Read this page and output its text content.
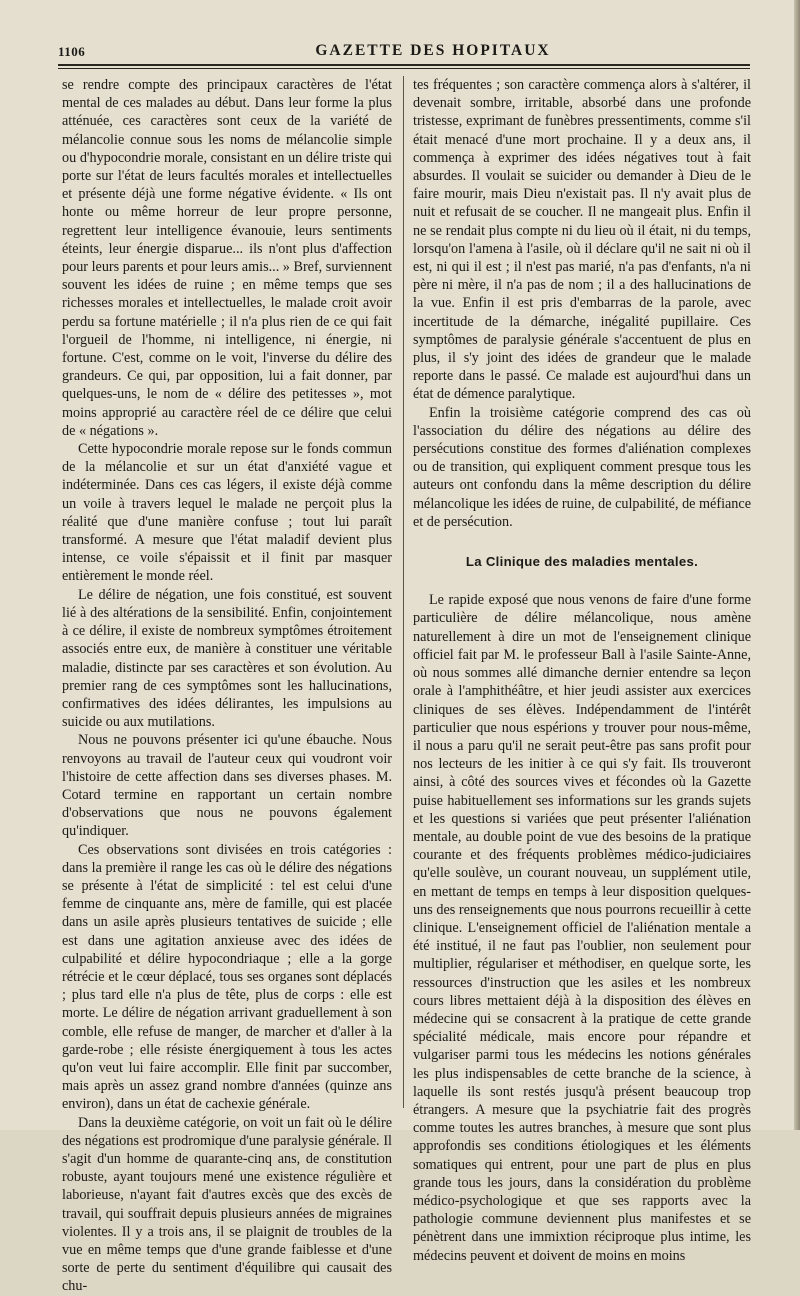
1106	GAZETTE DES HOPITAUX

se rendre compte des principaux caractères de l'état mental de ces malades au début. Dans leur forme la plus atténuée, ces caractères sont ceux de la variété de mélancolie connue sous les noms de mélancolie simple ou d'hypocondrie morale, consistant en un délire triste qui porte sur l'état de leurs facultés morales et intellectuelles et présente déjà une forme négative évidente. « Ils ont honte ou même horreur de leur propre personne, regrettent leur intelligence évanouie, leurs sentiments éteints, leur énergie disparue... ils n'ont plus d'affection pour leurs parents et pour leurs amis... » Bref, surviennent souvent les idées de ruine ; en même temps que ses richesses morales et intellectuelles, le malade croit avoir perdu sa fortune matérielle ; il n'a plus rien de ce qui fait l'orgueil de l'homme, ni intelligence, ni énergie, ni fortune. C'est, comme on le voit, l'inverse du délire des grandeurs. Ce qui, par opposition, lui a fait donner, par quelques-uns, le nom de « délire des petitesses », mot moins approprié au caractère réel de ce délire que celui de « négations ».

Cette hypocondrie morale repose sur le fonds commun de la mélancolie et sur un état d'anxiété vague et indéterminée. Dans ces cas légers, il existe déjà comme un voile à travers lequel le malade ne perçoit plus la réalité que d'une manière confuse ; tout lui paraît transformé. A mesure que l'état maladif devient plus intense, ce voile s'épaissit et il finit par masquer entièrement le monde réel.

Le délire de négation, une fois constitué, est souvent lié à des altérations de la sensibilité. Enfin, conjointement à ce délire, il existe de nombreux symptômes étroitement associés entre eux, de manière à constituer une véritable maladie, distincte par ses caractères et son évolution. Au premier rang de ces symptômes sont les hallucinations, confirmatives des idées délirantes, les impulsions au suicide ou aux mutilations.

Nous ne pouvons présenter ici qu'une ébauche. Nous renvoyons au travail de l'auteur ceux qui voudront voir l'histoire de cette affection dans ses diverses phases. M. Cotard termine en rapportant un certain nombre d'observations que nous ne pouvons également qu'indiquer.

Ces observations sont divisées en trois catégories : dans la première il range les cas où le délire des négations se présente à l'état de simplicité : tel est celui d'une femme de cinquante ans, mère de famille, qui est placée dans un asile après plusieurs tentatives de suicide ; elle est dans une agitation anxieuse avec des idées de culpabilité et délire hypocondriaque ; elle a la gorge rétrécie et le cœur déplacé, tous ses organes sont déplacés ; plus tard elle n'a plus de tête, plus de corps : elle est morte. Le délire de négation arrivant graduellement à son comble, elle refuse de manger, de marcher et d'aller à la garde-robe ; elle résiste énergiquement à tous les actes qu'on veut lui faire accomplir. Elle finit par succomber, mais après un assez grand nombre d'années (quinze ans environ), dans un état de cachexie générale.

Dans la deuxième catégorie, on voit un fait où le délire des négations est prodromique d'une paralysie générale. Il s'agit d'un homme de quarante-cinq ans, de constitution robuste, ayant toujours mené une existence régulière et laborieuse, n'ayant fait d'autres excès que des excès de travail, qui souffrait depuis plusieurs années de migraines violentes. Il y a trois ans, il se plaignit de troubles de la vue en même temps que d'une grande faiblesse et d'une sorte de perte du sentiment d'équilibre qui causait des chu-

tes fréquentes ; son caractère commença alors à s'altérer, il devenait sombre, irritable, absorbé dans une profonde tristesse, exprimant de funèbres pressentiments, comme s'il était menacé d'une mort prochaine. Il y a deux ans, il commença à exprimer des idées négatives tout à fait absurdes. Il voulait se suicider ou demander à Dieu de le faire mourir, mais Dieu n'existait pas. Il n'y avait plus de nuit et refusait de se coucher. Il ne mangeait plus. Enfin il ne se rendait plus compte ni du lieu où il était, ni du temps, lorsqu'on l'amena à l'asile, où il déclare qu'il ne sait ni où il est, ni qui il est ; il n'est pas marié, n'a pas d'enfants, n'a ni père ni mère, il n'a pas de nom ; il a des hallucinations de la vue. Enfin il est pris d'embarras de la parole, avec incertitude de la démarche, inégalité pupillaire. Ces symptômes de paralysie générale s'accentuent de plus en plus, il s'y joint des idées de grandeur que le malade reporte dans le passé. Ce malade est aujourd'hui dans un état de démence paralytique.

Enfin la troisième catégorie comprend des cas où l'association du délire des négations au délire des persécutions constitue des formes d'aliénation complexes ou de transition, qui expliquent comment presque tous les auteurs ont confondu dans la même description du délire mélancolique les idées de ruine, de culpabilité, de méfiance et de persécution.

La Clinique des maladies mentales.

Le rapide exposé que nous venons de faire d'une forme particulière de délire mélancolique, nous amène naturellement à dire un mot de l'enseignement clinique officiel fait par M. le professeur Ball à l'asile Sainte-Anne, où nous sommes allé dimanche dernier entendre sa leçon orale à l'amphithéâtre, et hier jeudi assister aux exercices cliniques de ses élèves. Indépendamment de l'intérêt particulier que nous espérions y trouver pour nous-même, il nous a paru qu'il ne serait peut-être pas sans profit pour nos lecteurs de les initier à ce qui s'y fait. Ils trouveront ainsi, à côté des sources vives et fécondes où la Gazette puise habituellement ses informations sur les grands sujets et les questions si variées que peut présenter l'aliénation mentale, au double point de vue des besoins de la pratique courante et des fréquents problèmes médico-judiciaires qu'elle soulève, un courant nouveau, un supplément utile, en mettant de temps en temps à leur disposition quelques-uns des renseignements que nous pourrons recueillir à cette clinique. L'enseignement officiel de l'aliénation mentale a été institué, il ne faut pas l'oublier, non seulement pour multiplier, régulariser et méthodiser, en quelque sorte, les ressources d'instruction que les asiles et les nombreux cours libres mettaient déjà à la disposition des élèves en médecine qui se consacrent à la pratique de cette grande spécialité médicale, mais encore pour répandre et vulgariser parmi tous les médecins les notions générales les plus indispensables de cette branche de la science, à laquelle ils sont restés jusqu'à présent beaucoup trop étrangers. A mesure que la psychiatrie fait des progrès comme toutes les autres branches, à mesure que sont plus approfondis ses conditions étiologiques et les éléments somatiques qui entrent, pour une part de plus en plus grande tous les jours, dans la considération du problème médico-psychologique et que ses rapports avec la pathologie commune deviennent plus manifestes et se pénètrent dans une immixtion réciproque plus intime, les médecins peuvent et doivent de moins en moins
